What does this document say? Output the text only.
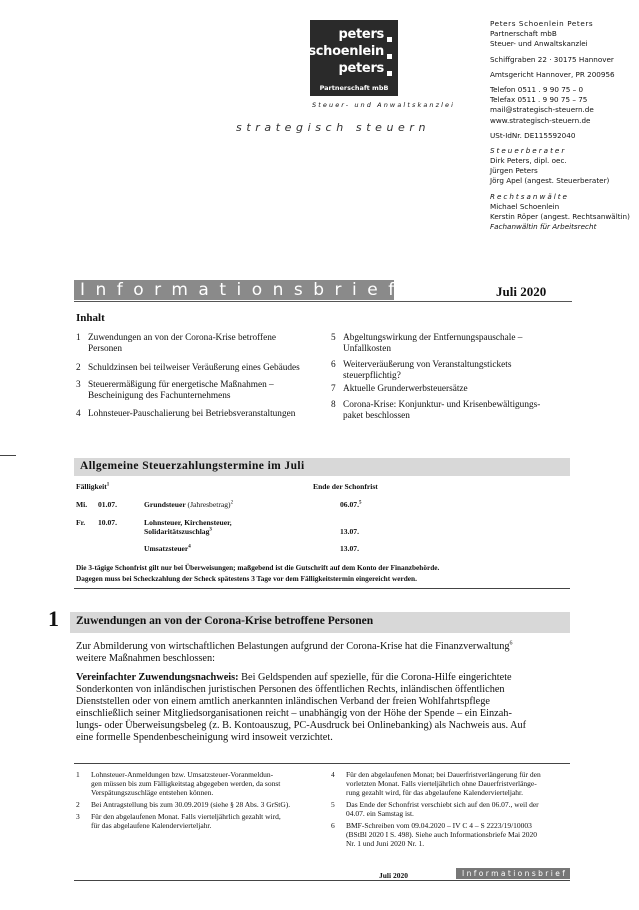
peters
schoenlein
peters
Partnerschaft mbB
Steuer- und Anwaltskanzlei
strategisch steuern
Peters Schoenlein Peters
Partnerschaft mbB
Steuer- und Anwaltskanzlei
Schiffgraben 22 · 30175 Hannover
Amtsgericht Hannover, PR 200956
Telefon 0511 . 9 90 75 – 0
Telefax 0511 . 9 90 75 – 75
mail@strategisch-steuern.de
www.strategisch-steuern.de
USt-IdNr. DE115592040
Steuerberater
Dirk Peters, dipl. oec.
Jürgen Peters
Jörg Apel (angest. Steuerberater)
Rechtsanwälte
Michael Schoenlein
Kerstin Röper (angest. Rechtsanwältin)
Fachanwältin für Arbeitsrecht
Informationsbrief	Juli 2020
Inhalt
1 Zuwendungen an von der Corona-Krise betroffene
Personen
2 Schuldzinsen bei teilweiser Veräußerung eines Gebäudes
3 Steuerermäßigung für energetische Maßnahmen –
Bescheinigung des Fachunternehmens
4 Lohnsteuer-Pauschalierung bei Betriebsveranstaltungen
5 Abgeltungswirkung der Entfernungspauschale –
Unfallkosten
6 Weiterveräußerung von Veranstaltungstickets
steuerpflichtig?
7 Aktuelle Grunderwerbsteuersätze
8 Corona-Krise: Konjunktur- und Krisenbewältigungs-
paket beschlossen
Allgemeine Steuerzahlungstermine im Juli
Fälligkeit$^1$	Ende der Schonfrist
Mi. 01.07.	Grundsteuer (Jahresbetrag)$^2$	06.07.$^5$
Fr. 10.07.	Lohnsteuer, Kirchensteuer,
Solidaritätszuschlag$^3$	13.07.
Umsatzsteuer$^4$	13.07.
Die 3-tägige Schonfrist gilt nur bei Überweisungen; maßgebend ist die Gutschrift auf dem Konto der Finanzbehörde.
Dagegen muss bei Scheckzahlung der Scheck spätestens 3 Tage vor dem Fälligkeitstermin eingereicht werden.
1 Zuwendungen an von der Corona-Krise betroffene Personen
Zur Abmilderung von wirtschaftlichen Belastungen aufgrund der Corona-Krise hat die Finanzverwaltung$^6$
weitere Maßnahmen beschlossen:
Vereinfachter Zuwendungsnachweis: Bei Geldspenden auf spezielle, für die Corona-Hilfe eingerichtete
Sonderkonten von inländischen juristischen Personen des öffentlichen Rechts, inländischen öffentlichen
Dienststellen oder von einem amtlich anerkannten inländischen Verband der freien Wohlfahrtspflege
einschließlich seiner Mitgliedsorganisationen reicht – unabhängig von der Höhe der Spende – ein Einzah-
lungs- oder Überweisungsbeleg (z. B. Kontoauszug, PC-Ausdruck bei Onlinebanking) als Nachweis aus. Auf
eine formelle Spendenbescheinigung wird insoweit verzichtet.
1 Lohnsteuer-Anmeldungen bzw. Umsatzsteuer-Voranmeldun-
gen müssen bis zum Fälligkeitstag abgegeben werden, da sonst
Verspätungszuschläge entstehen können.
2 Bei Antragstellung bis zum 30.09.2019 (siehe § 28 Abs. 3 GrStG).
3 Für den abgelaufenen Monat. Falls vierteljährlich gezahlt wird,
für das abgelaufene Kalendervierteljahr.
4 Für den abgelaufenen Monat; bei Dauerfristverlängerung für den
vorletzten Monat. Falls vierteljährlich ohne Dauerfristverlänge-
rung gezahlt wird, für das abgelaufene Kalendervierteljahr.
5 Das Ende der Schonfrist verschiebt sich auf den 06.07., weil der
04.07. ein Samstag ist.
6 BMF-Schreiben vom 09.04.2020 – IV C 4 – S 2223/19/10003
(BStBl 2020 I S. 498). Siehe auch Informationsbriefe Mai 2020
Nr. 1 und Juni 2020 Nr. 1.
Juli 2020	Informationsbrief
